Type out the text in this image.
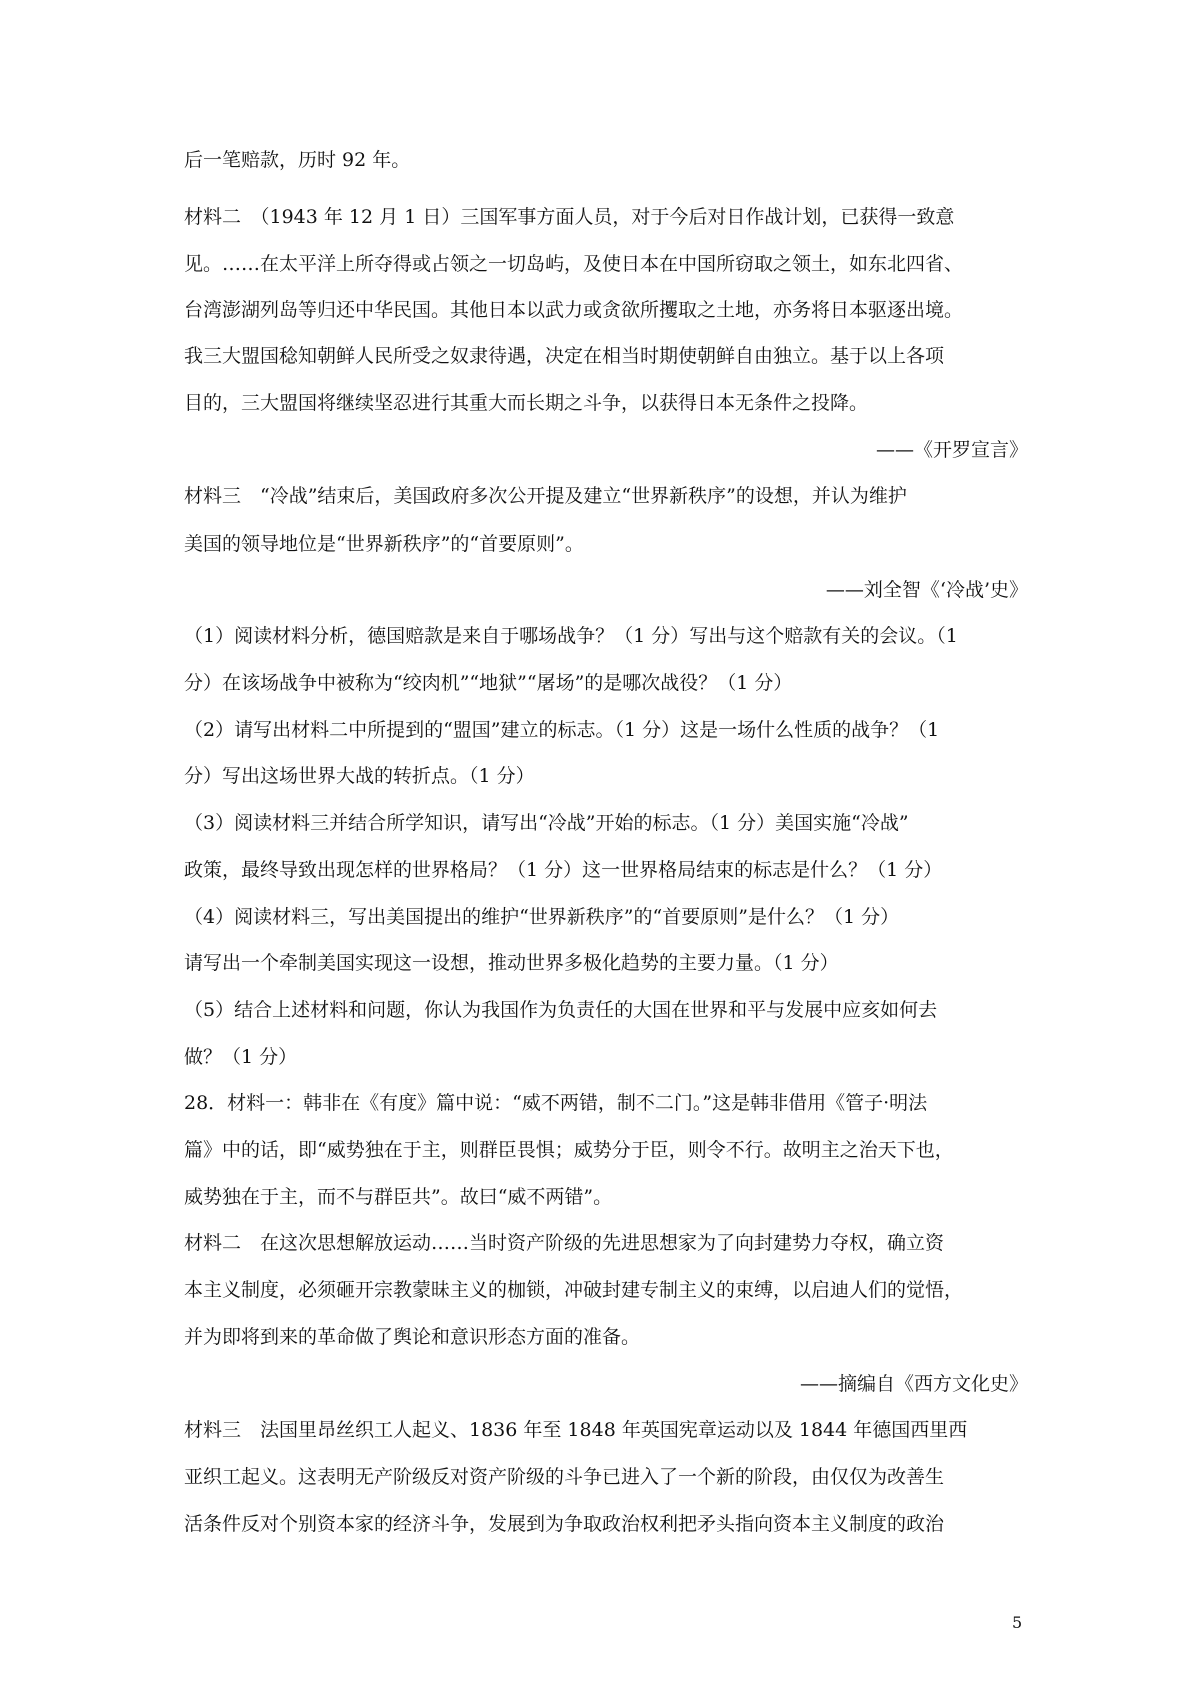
后一笔赔款，历时 92 年。
材料二　（1943 年 12 月 1 日）三国军事方面人员，对于今后对日作战计划，已获得一致意
见。……在太平洋上所夺得或占领之一切岛屿，及使日本在中国所窃取之领土，如东北四省、
台湾澎湖列岛等归还中华民国。其他日本以武力或贪欲所攫取之土地，亦务将日本驱逐出境。
我三大盟国稔知朝鲜人民所受之奴隶待遇，决定在相当时期使朝鲜自由独立。基于以上各项
目的，三大盟国将继续坚忍进行其重大而长期之斗争，以获得日本无条件之投降。
——《开罗宣言》
材料三　“冷战”结束后，美国政府多次公开提及建立“世界新秩序”的设想，并认为维护
美国的领导地位是“世界新秩序”的“首要原则”。
——刘全智《‘冷战’史》
（1）阅读材料分析，德国赔款是来自于哪场战争？（1 分）写出与这个赔款有关的会议。（1
分）在该场战争中被称为“绞肉机”“地狱”“屠场”的是哪次战役？（1 分）
（2）请写出材料二中所提到的“盟国”建立的标志。（1 分）这是一场什么性质的战争？（1
分）写出这场世界大战的转折点。（1 分）
（3）阅读材料三并结合所学知识，请写出“冷战”开始的标志。（1 分）美国实施“冷战”
政策，最终导致出现怎样的世界格局？（1 分）这一世界格局结束的标志是什么？（1 分）
（4）阅读材料三，写出美国提出的维护“世界新秩序”的“首要原则”是什么？（1 分）
请写出一个牵制美国实现这一设想，推动世界多极化趋势的主要力量。（1 分）
（5）结合上述材料和问题，你认为我国作为负责任的大国在世界和平与发展中应亥如何去
做？（1 分）
28．材料一：韩非在《有度》篇中说：“威不两错，制不二门。”这是韩非借用《管子·明法
篇》中的话，即“威势独在于主，则群臣畏惧；威势分于臣，则令不行。故明主之治天下也，
威势独在于主，而不与群臣共”。故曰“威不两错”。
材料二　在这次思想解放运动……当时资产阶级的先进思想家为了向封建势力夺权，确立资
本主义制度，必须砸开宗教蒙昧主义的枷锁，冲破封建专制主义的束缚，以启迪人们的觉悟，
并为即将到来的革命做了舆论和意识形态方面的准备。
——摘编自《西方文化史》
材料三　法国里昂丝织工人起义、1836 年至 1848 年英国宪章运动以及 1844 年德国西里西
亚织工起义。这表明无产阶级反对资产阶级的斗争已进入了一个新的阶段，由仅仅为改善生
活条件反对个别资本家的经济斗争，发展到为争取政治权利把矛头指向资本主义制度的政治
5
